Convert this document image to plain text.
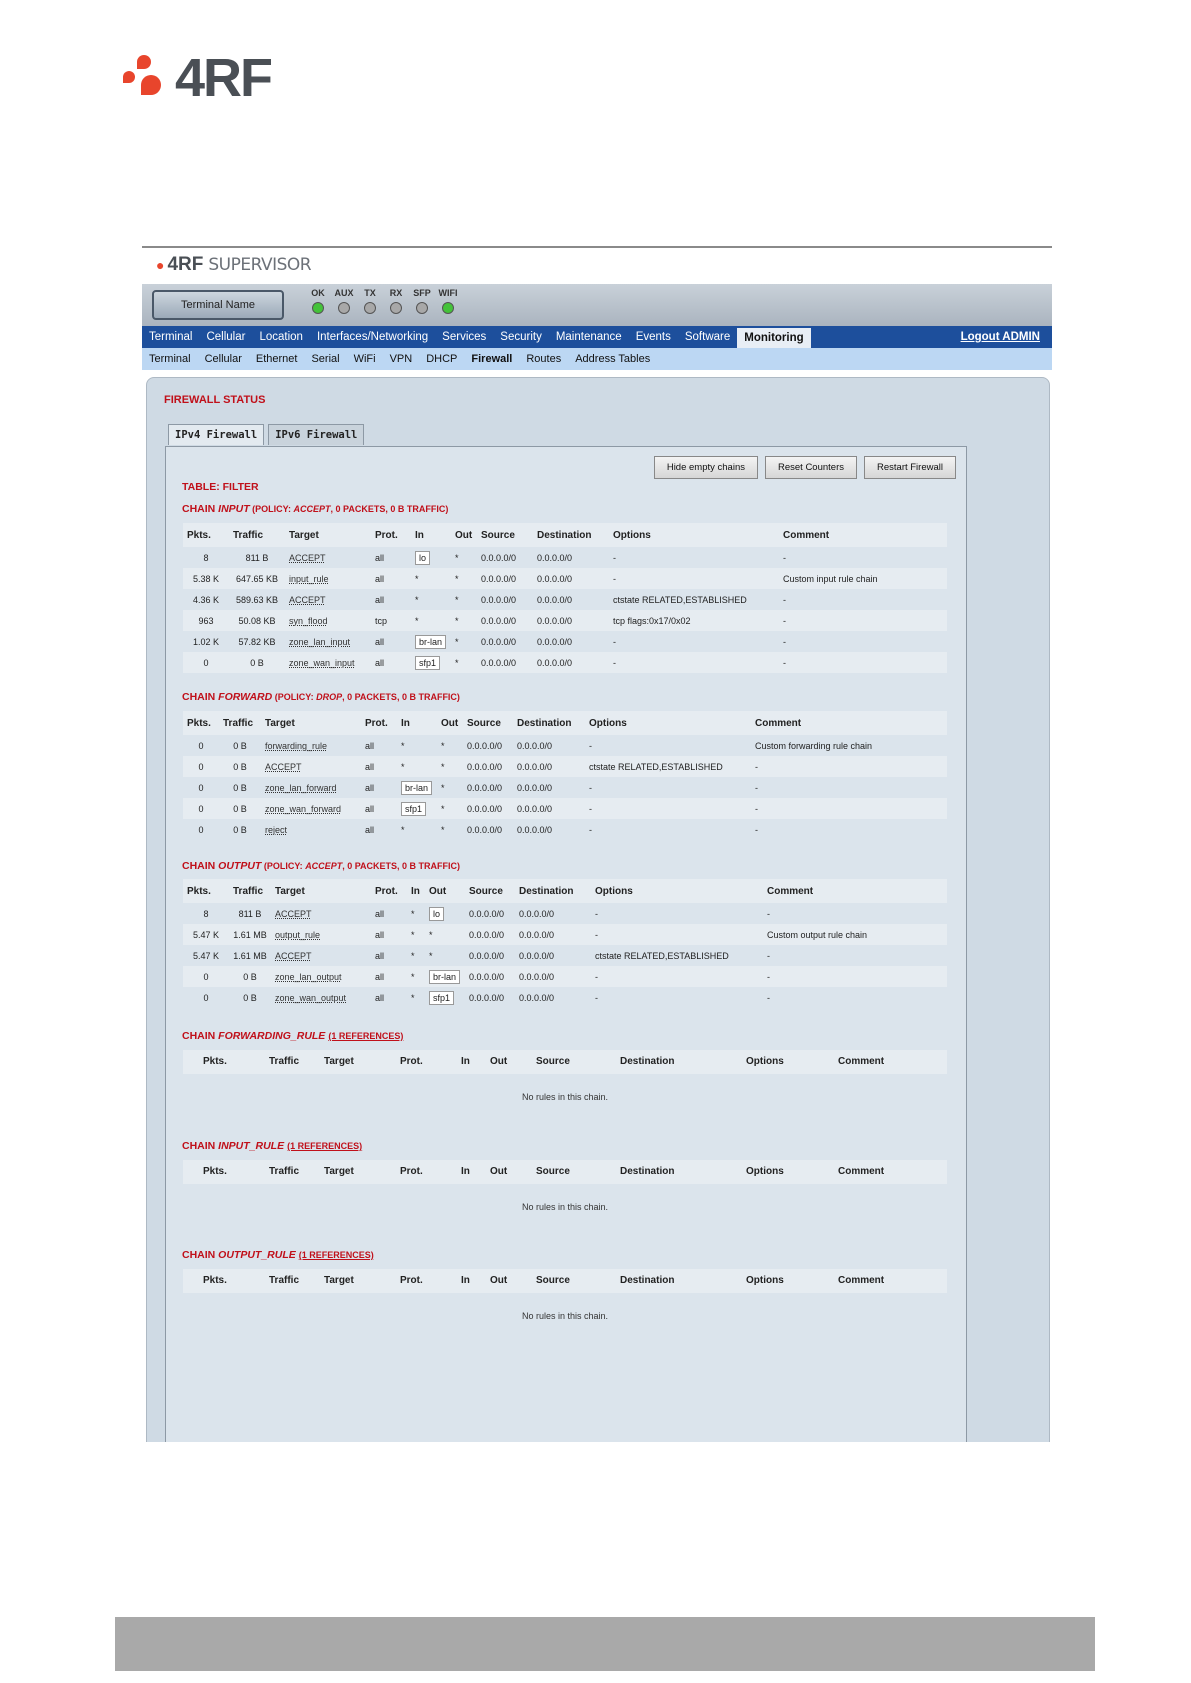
4RF
● 4RF SUPERVISOR
Terminal Name
OK	AUX	TX	RX	SFP WIFI
Terminal	Cellular	Location	Interfaces/Networking	Services	Security	Maintenance	Events	Software	Monitoring	Logout ADMIN
Terminal	Cellular	Ethernet	Serial	WiFi	VPN	DHCP	Firewall	Routes	Address Tables
FIREWALL STATUS
IPv4 Firewall	IPv6 Firewall
Hide empty chains	Reset Counters	Restart Firewall
TABLE: FILTER
CHAIN INPUT (POLICY: ACCEPT, 0 PACKETS, 0 B TRAFFIC)
Pkts.	Traffic	Target	Prot.	In	Out	Source	Destination	Options	Comment
8	811 B	ACCEPT	all	lo	*	0.0.0.0/0	0.0.0.0/0	-	-
5.38 K	647.65 KB	input_rule	all	*	*	0.0.0.0/0	0.0.0.0/0	-	Custom input rule chain
4.36 K	589.63 KB	ACCEPT	all	*	*	0.0.0.0/0	0.0.0.0/0	ctstate RELATED,ESTABLISHED	-
963	50.08 KB	syn_flood	tcp	*	*	0.0.0.0/0	0.0.0.0/0	tcp flags:0x17/0x02	-
1.02 K	57.82 KB	zone_lan_input	all	br-lan	*	0.0.0.0/0	0.0.0.0/0	-	-
0	0 B	zone_wan_input	all	sfp1	*	0.0.0.0/0	0.0.0.0/0	-	-
CHAIN FORWARD (POLICY: DROP, 0 PACKETS, 0 B TRAFFIC)
Pkts.	Traffic	Target	Prot.	In	Out	Source	Destination	Options	Comment
0	0 B	forwarding_rule	all	*	*	0.0.0.0/0	0.0.0.0/0	-	Custom forwarding rule chain
0	0 B	ACCEPT	all	*	*	0.0.0.0/0	0.0.0.0/0	ctstate RELATED,ESTABLISHED	-
0	0 B	zone_lan_forward	all	br-lan	*	0.0.0.0/0	0.0.0.0/0	-	-
0	0 B	zone_wan_forward	all	sfp1	*	0.0.0.0/0	0.0.0.0/0	-	-
0	0 B	reject	all	*	*	0.0.0.0/0	0.0.0.0/0	-	-
CHAIN OUTPUT (POLICY: ACCEPT, 0 PACKETS, 0 B TRAFFIC)
Pkts.	Traffic	Target	Prot.	In	Out	Source	Destination	Options	Comment
8	811 B	ACCEPT	all	*	lo	0.0.0.0/0	0.0.0.0/0	-	-
5.47 K	1.61 MB	output_rule	all	*	*	0.0.0.0/0	0.0.0.0/0	-	Custom output rule chain
5.47 K	1.61 MB	ACCEPT	all	*	*	0.0.0.0/0	0.0.0.0/0	ctstate RELATED,ESTABLISHED	-
0	0 B	zone_lan_output	all	*	br-lan	0.0.0.0/0	0.0.0.0/0	-	-
0	0 B	zone_wan_output	all	*	sfp1	0.0.0.0/0	0.0.0.0/0	-	-
CHAIN FORWARDING_RULE (1 REFERENCES)
Pkts.	Traffic Target	Prot.	In Out	Source	Destination	Options	Comment
No rules in this chain.
CHAIN INPUT_RULE (1 REFERENCES)
Pkts.	Traffic Target	Prot.	In Out	Source	Destination	Options	Comment
No rules in this chain.
CHAIN OUTPUT_RULE (1 REFERENCES)
Pkts.	Traffic Target	Prot.	In Out	Source	Destination	Options	Comment
No rules in this chain.
